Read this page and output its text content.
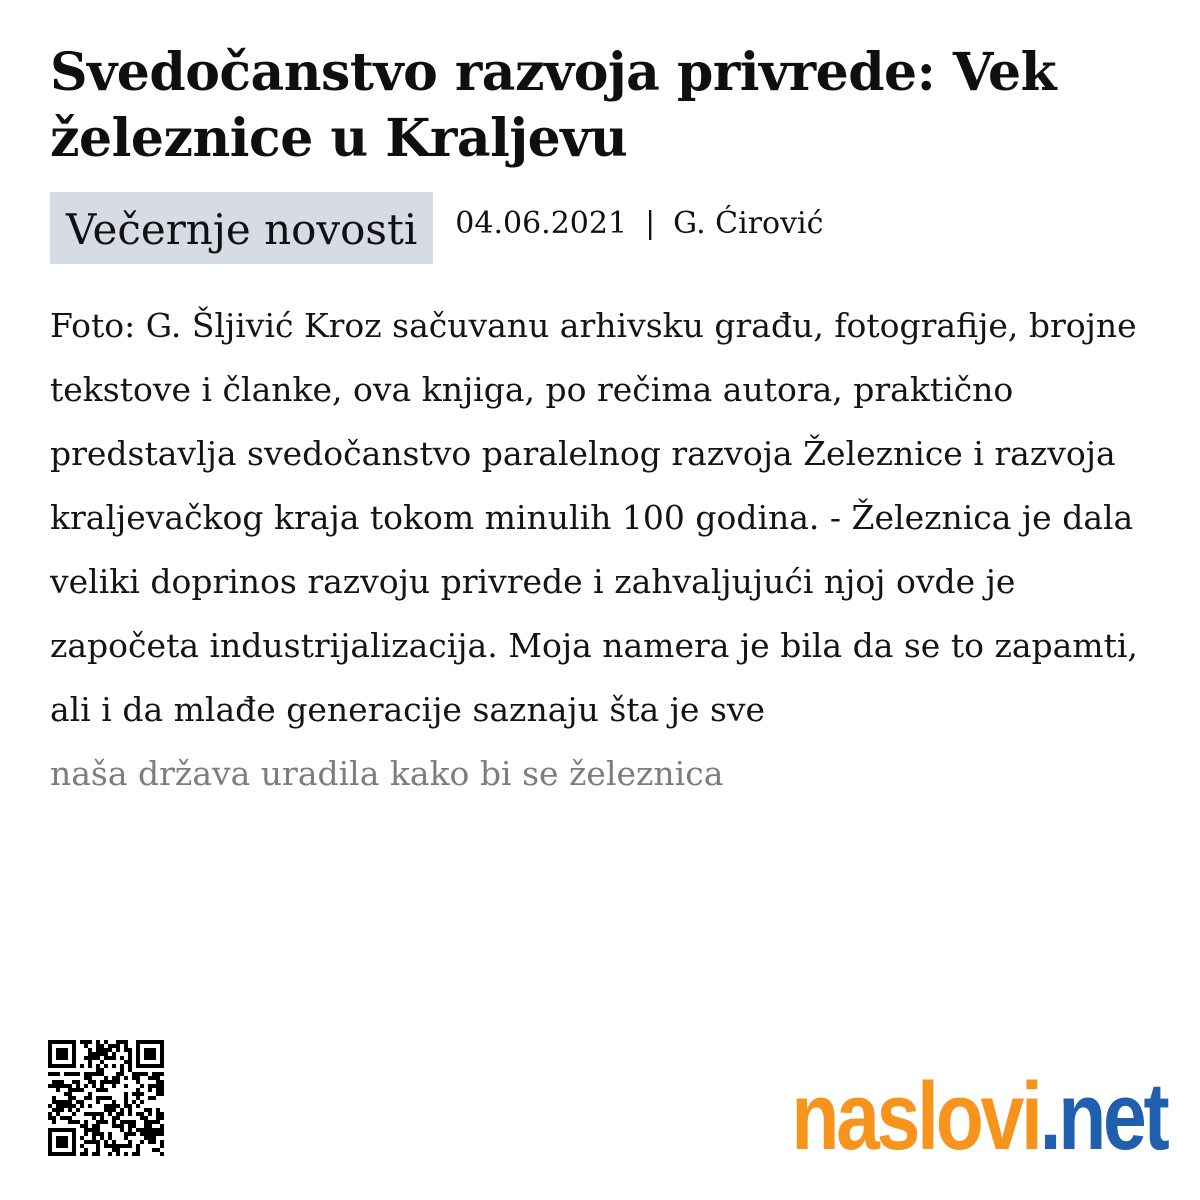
Svedočanstvo razvoja privrede: Vek železnice u Kraljevu
Večernje novosti	04.06.2021 | G. Ćirović

Foto: G. Šljivić Kroz sačuvanu arhivsku građu, fotografije, brojne tekstove i članke, ova knjiga, po rečima autora, praktično predstavlja svedočanstvo paralelnog razvoja Železnice i razvoja kraljevačkog kraja tokom minulih 100 godina. - Železnica je dala veliki doprinos razvoju privrede i zahvaljujući njoj ovde je započeta industrijalizacija. Moja namera je bila da se to zapamti, ali i da mlađe generacije saznaju šta je sve

naša država uradila kako bi se železnica

naslovi .net
